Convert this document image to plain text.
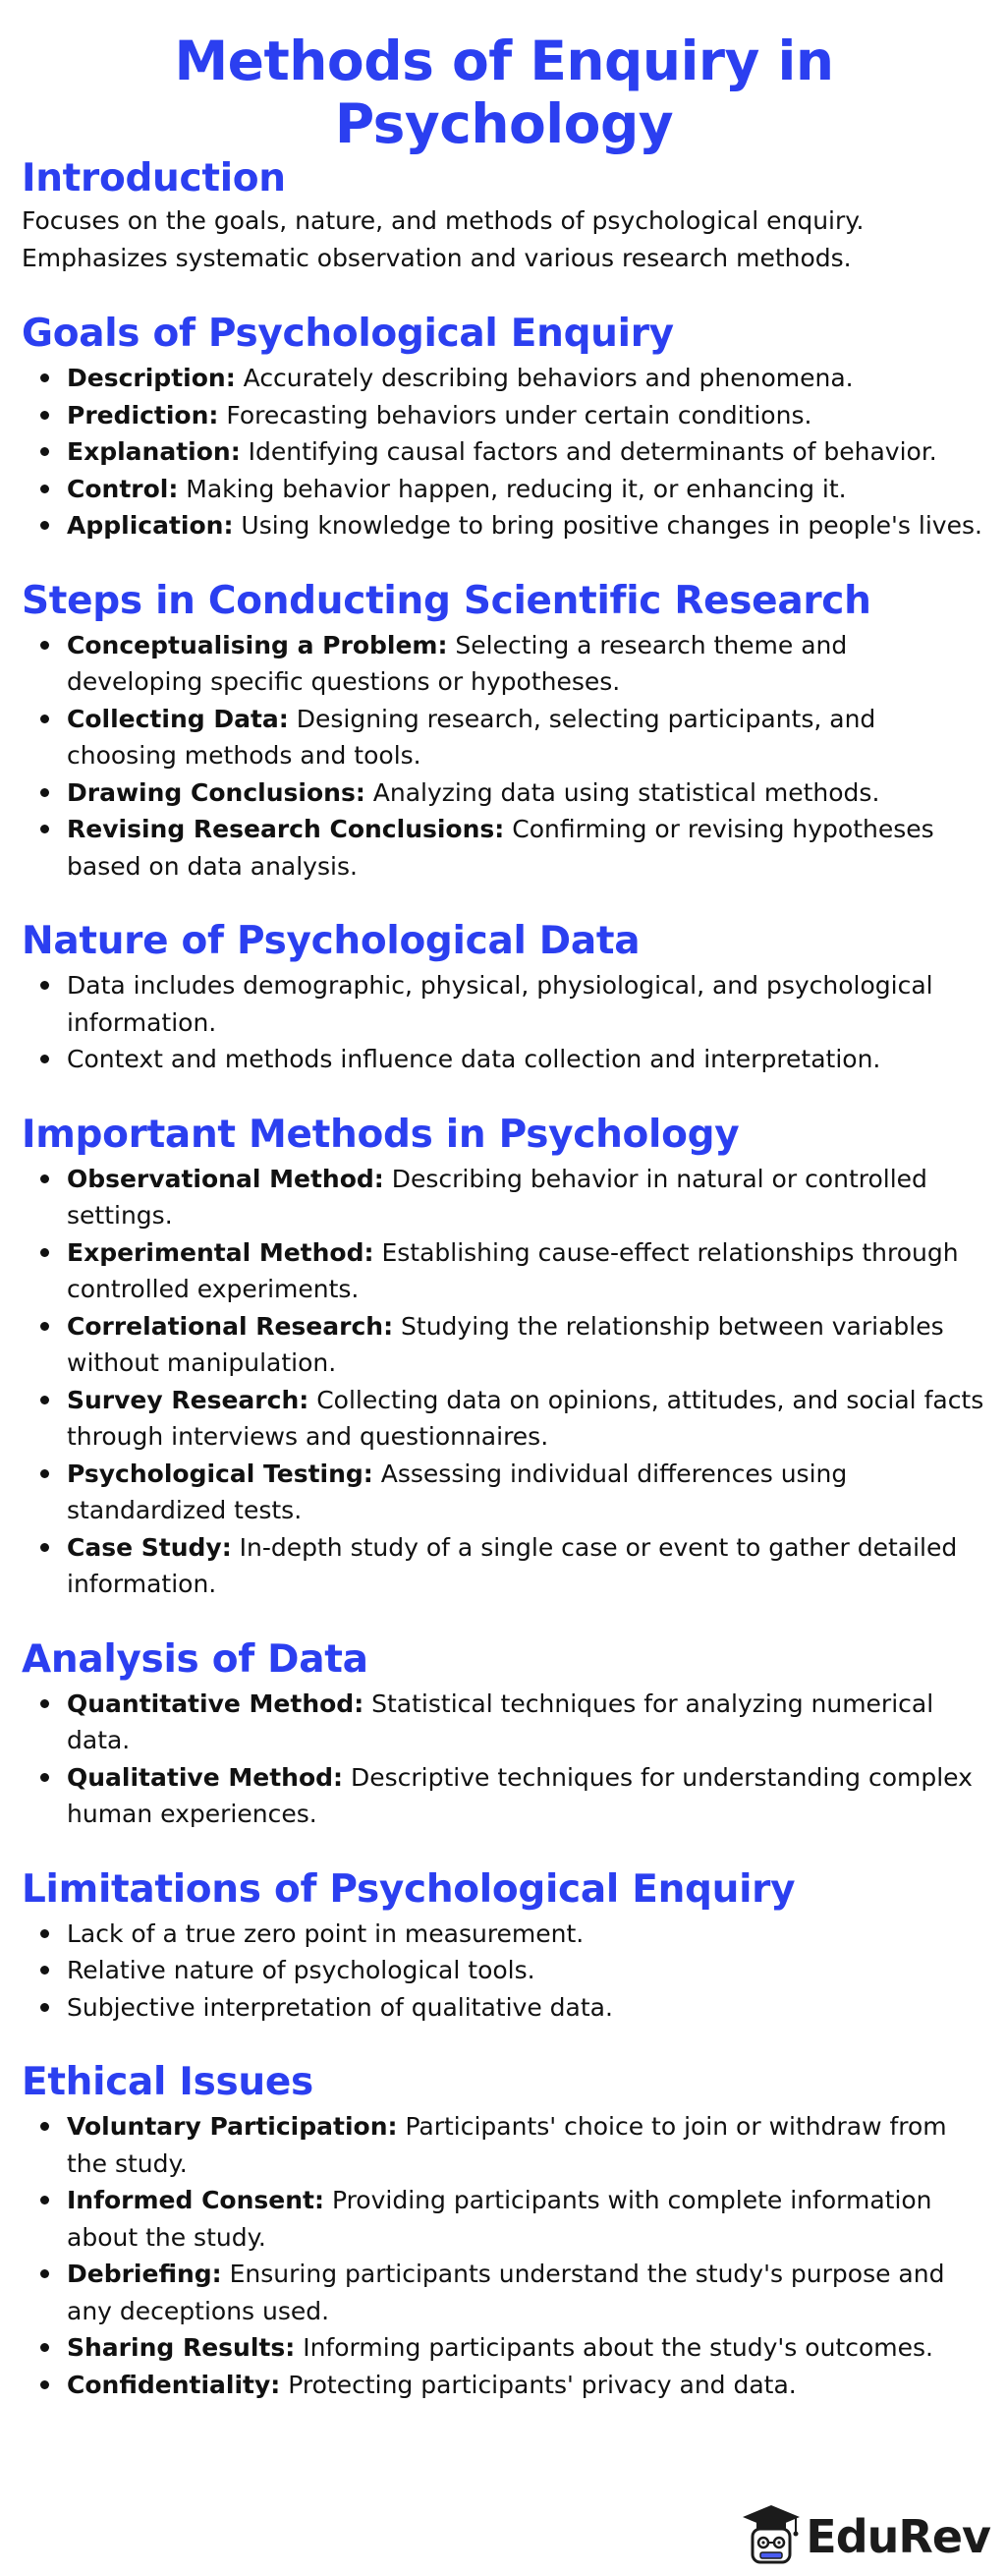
Methods of Enquiry in Psychology
Introduction

Focuses on the goals, nature, and methods of psychological enquiry.

Emphasizes systematic observation and various research methods.

Goals of Psychological Enquiry
Description: Accurately describing behaviors and phenomena.
Prediction: Forecasting behaviors under certain conditions.
Explanation: Identifying causal factors and determinants of behavior.
Control: Making behavior happen, reducing it, or enhancing it.
Application: Using knowledge to bring positive changes in people's lives.
Steps in Conducting Scientific Research
Conceptualising a Problem: Selecting a research theme and developing specific questions or hypotheses.
Collecting Data: Designing research, selecting participants, and choosing methods and tools.
Drawing Conclusions: Analyzing data using statistical methods.
Revising Research Conclusions: Confirming or revising hypotheses based on data analysis.
Nature of Psychological Data
Data includes demographic, physical, physiological, and psychological information.
Context and methods influence data collection and interpretation.
Important Methods in Psychology
Observational Method: Describing behavior in natural or controlled settings.
Experimental Method: Establishing cause-effect relationships through controlled experiments.
Correlational Research: Studying the relationship between variables without manipulation.
Survey Research: Collecting data on opinions, attitudes, and social facts through interviews and questionnaires.
Psychological Testing: Assessing individual differences using standardized tests.
Case Study: In-depth study of a single case or event to gather detailed information.
Analysis of Data
Quantitative Method: Statistical techniques for analyzing numerical data.
Qualitative Method: Descriptive techniques for understanding complex human experiences.
Limitations of Psychological Enquiry
Lack of a true zero point in measurement.
Relative nature of psychological tools.
Subjective interpretation of qualitative data.
Ethical Issues
Voluntary Participation: Participants' choice to join or withdraw from the study.
Informed Consent: Providing participants with complete information about the study.
Debriefing: Ensuring participants understand the study's purpose and any deceptions used.
Sharing Results: Informing participants about the study's outcomes.
Confidentiality: Protecting participants' privacy and data.
EduRev
